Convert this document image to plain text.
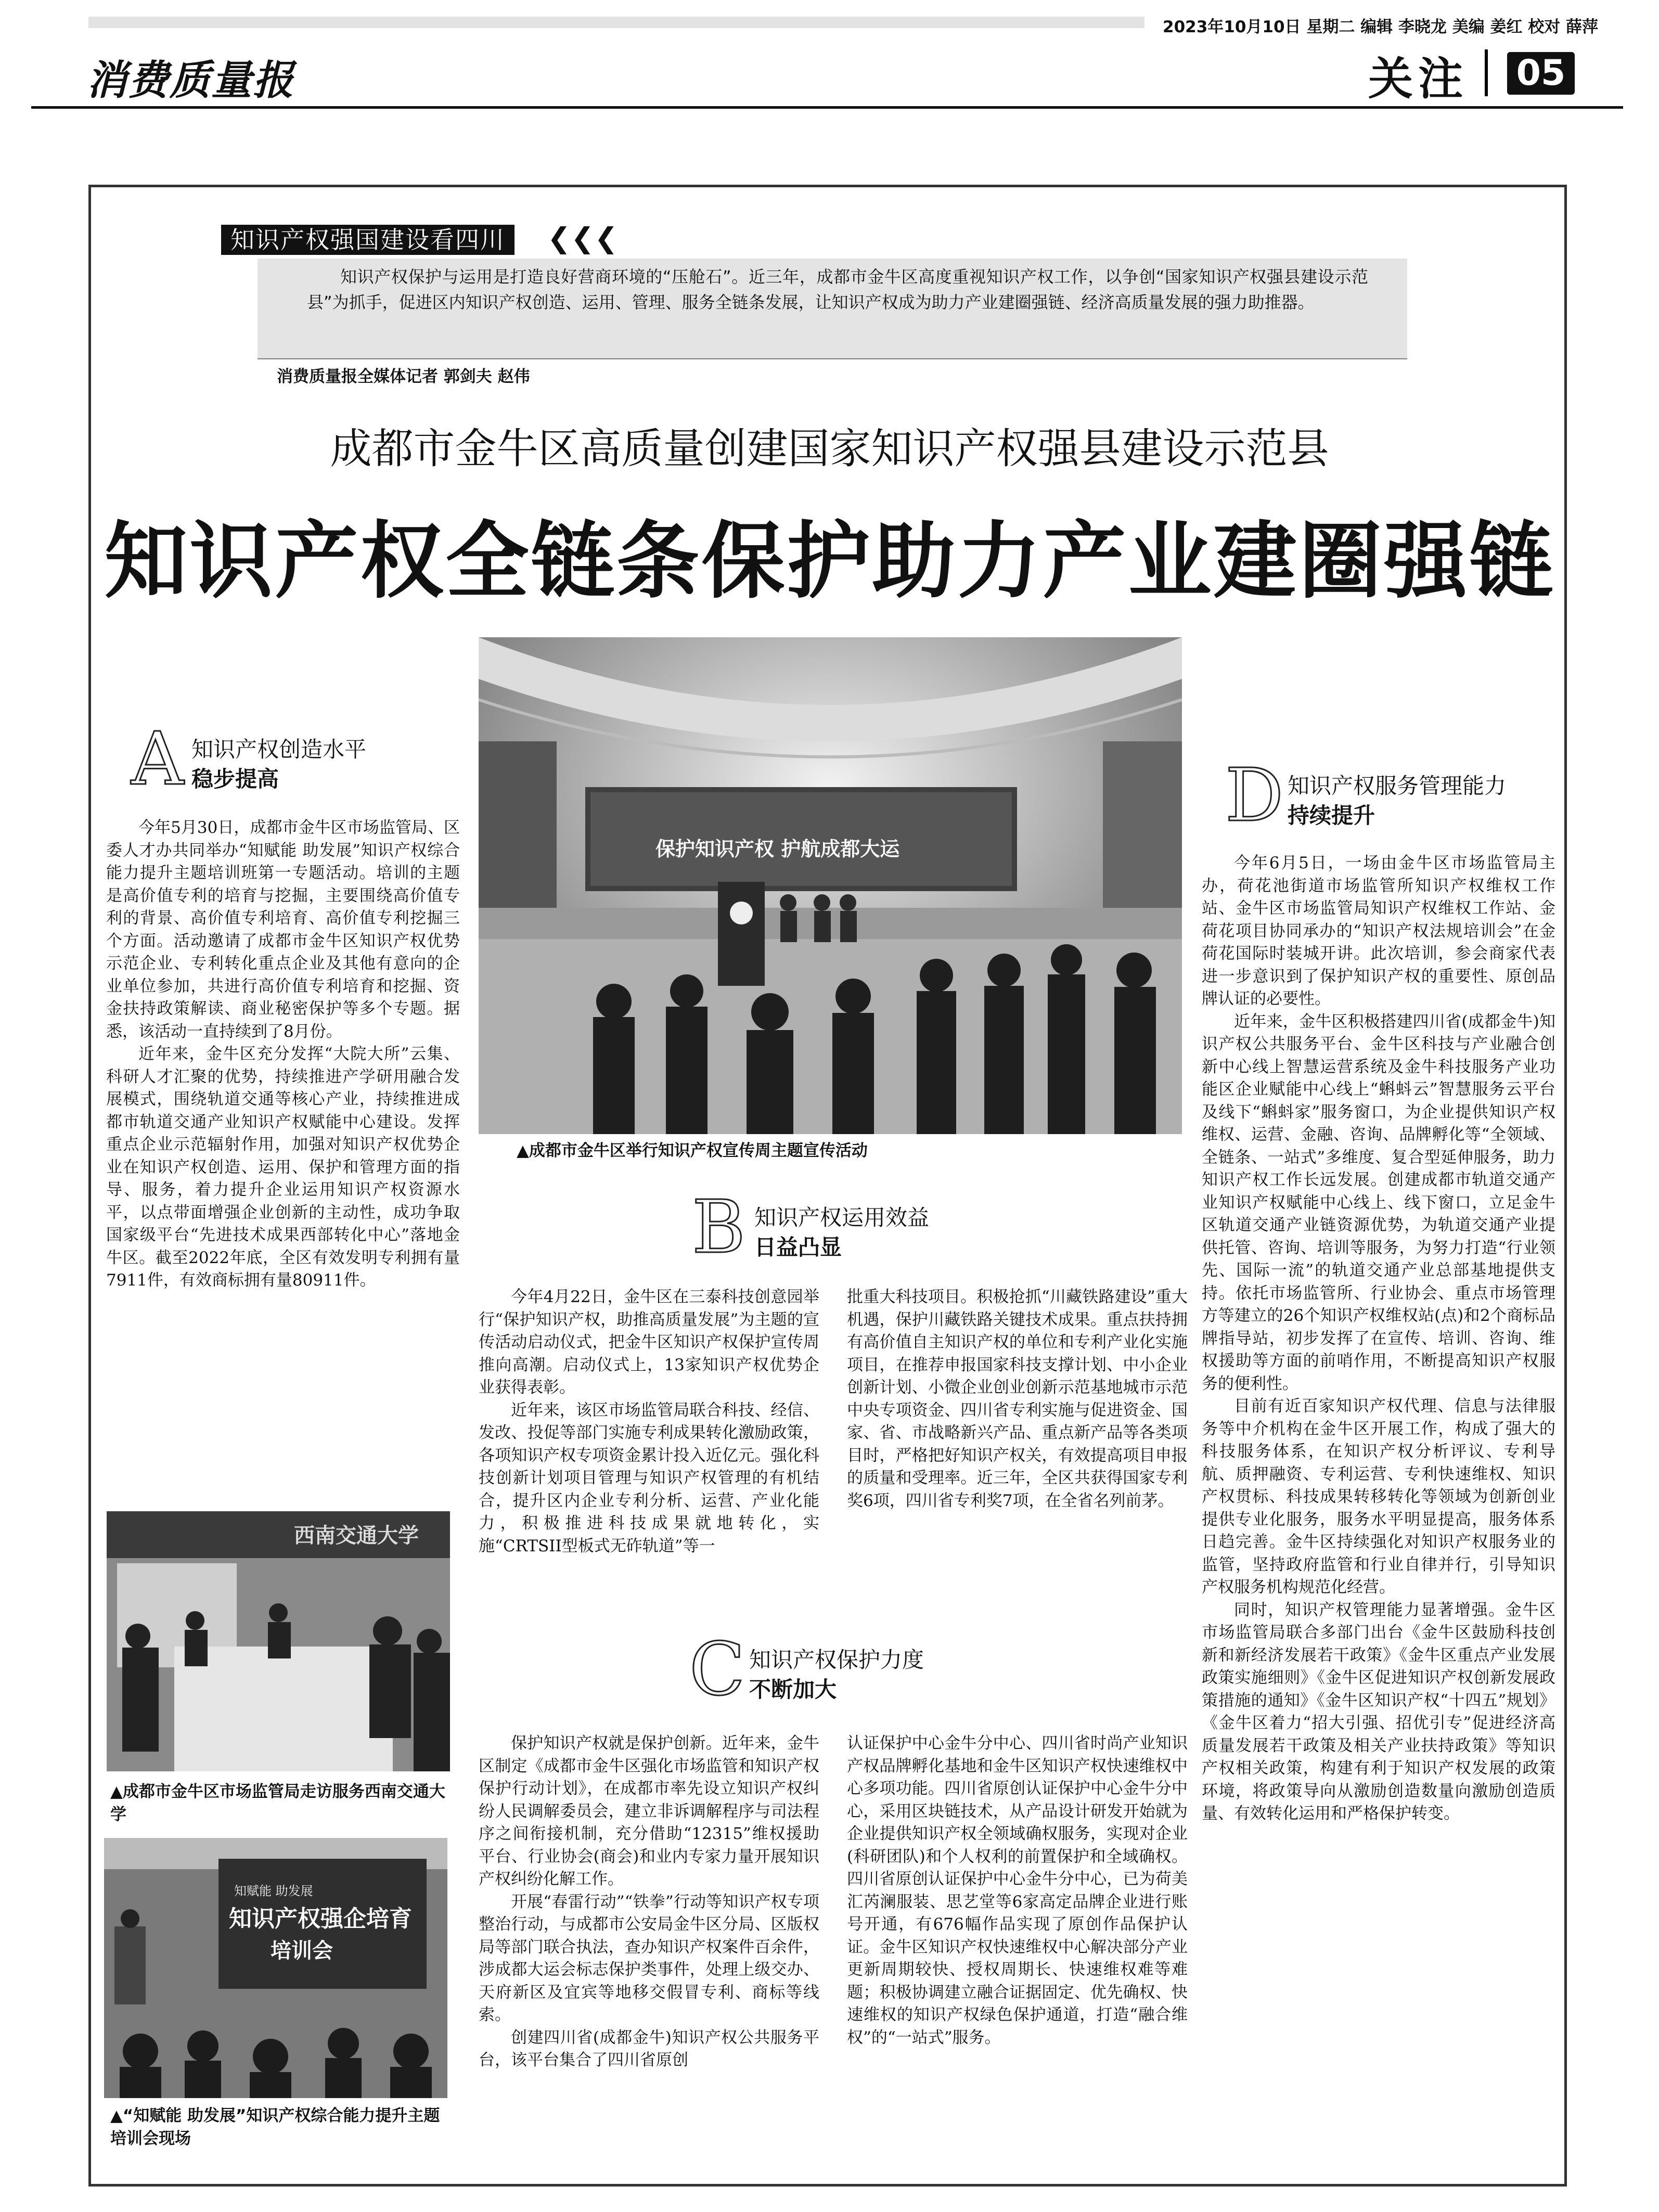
2023年10月10日 星期二 编辑 李晓龙 美编 姜红 校对 薛萍
消费质量报	关注 05
知识产权强国建设看四川	❮❮❮
知识产权保护与运用是打造良好营商环境的“压舱石”。近三年，成都市金牛区高度重视知识产权工作，以争创“国家知识产权强县建设示范县”为抓手，促进区内知识产权创造、运用、管理、服务全链条发展，让知识产权成为助力产业建圈强链、经济高质量发展的强力助推器。
消费质量报全媒体记者 郭剑夫 赵伟
成都市金牛区高质量创建国家知识产权强县建设示范县
知识产权全链条保护助力产业建圈强链
保护知识产权 护航成都大运
▲成都市金牛区举行知识产权宣传周主题宣传活动
A 知识产权创造水平
稳步提高

今年5月30日，成都市金牛区市场监管局、区委人才办共同举办“知赋能 助发展”知识产权综合能力提升主题培训班第一专题活动。培训的主题是高价值专利的培育与挖掘，主要围绕高价值专利的背景、高价值专利培育、高价值专利挖掘三个方面。活动邀请了成都市金牛区知识产权优势示范企业、专利转化重点企业及其他有意向的企业单位参加，共进行高价值专利培育和挖掘、资金扶持政策解读、商业秘密保护等多个专题。据悉，该活动一直持续到了8月份。

近年来，金牛区充分发挥“大院大所”云集、科研人才汇聚的优势，持续推进产学研用融合发展模式，围绕轨道交通等核心产业，持续推进成都市轨道交通产业知识产权赋能中心建设。发挥重点企业示范辐射作用，加强对知识产权优势企业在知识产权创造、运用、保护和管理方面的指导、服务，着力提升企业运用知识产权资源水平，以点带面增强企业创新的主动性，成功争取国家级平台“先进技术成果西部转化中心”落地金牛区。截至2022年底，全区有效发明专利拥有量7911件，有效商标拥有量80911件。

西南交通大学
▲成都市金牛区市场监管局走访服务西南交通大学
知赋能 助发展
知识产权强企培育
培训会
▲“知赋能 助发展”知识产权综合能力提升主题培训会现场
B 知识产权运用效益
日益凸显

今年4月22日，金牛区在三泰科技创意园举行“保护知识产权，助推高质量发展”为主题的宣传活动启动仪式，把金牛区知识产权保护宣传周推向高潮。启动仪式上，13家知识产权优势企业获得表彰。

近年来，该区市场监管局联合科技、经信、发改、投促等部门实施专利成果转化激励政策，各项知识产权专项资金累计投入近亿元。强化科技创新计划项目管理与知识产权管理的有机结合，提升区内企业专利分析、运营、产业化能力，积极推进科技成果就地转化，实施“CRTSII型板式无砟轨道”等一

批重大科技项目。积极抢抓“川藏铁路建设”重大机遇，保护川藏铁路关键技术成果。重点扶持拥有高价值自主知识产权的单位和专利产业化实施项目，在推荐申报国家科技支撑计划、中小企业创新计划、小微企业创业创新示范基地城市示范中央专项资金、四川省专利实施与促进资金、国家、省、市战略新兴产品、重点新产品等各类项目时，严格把好知识产权关，有效提高项目申报的质量和受理率。近三年，全区共获得国家专利奖6项，四川省专利奖7项，在全省名列前茅。

C 知识产权保护力度
不断加大

保护知识产权就是保护创新。近年来，金牛区制定《成都市金牛区强化市场监管和知识产权保护行动计划》，在成都市率先设立知识产权纠纷人民调解委员会，建立非诉调解程序与司法程序之间衔接机制，充分借助“12315”维权援助平台、行业协会(商会)和业内专家力量开展知识产权纠纷化解工作。

开展“春雷行动”“铁拳”行动等知识产权专项整治行动，与成都市公安局金牛区分局、区版权局等部门联合执法，查办知识产权案件百余件，涉成都大运会标志保护类事件，处理上级交办、天府新区及宜宾等地移交假冒专利、商标等线索。

创建四川省(成都金牛)知识产权公共服务平台，该平台集合了四川省原创

认证保护中心金牛分中心、四川省时尚产业知识产权品牌孵化基地和金牛区知识产权快速维权中心多项功能。四川省原创认证保护中心金牛分中心，采用区块链技术，从产品设计研发开始就为企业提供知识产权全领域确权服务，实现对企业(科研团队)和个人权利的前置保护和全域确权。四川省原创认证保护中心金牛分中心，已为荷美汇芮澜服装、思艺堂等6家高定品牌企业进行账号开通，有676幅作品实现了原创作品保护认证。金牛区知识产权快速维权中心解决部分产业更新周期较快、授权周期长、快速维权难等难题；积极协调建立融合证据固定、优先确权、快速维权的知识产权绿色保护通道，打造“融合维权”的“一站式”服务。

D 知识产权服务管理能力
持续提升

今年6月5日，一场由金牛区市场监管局主办，荷花池街道市场监管所知识产权维权工作站、金牛区市场监管局知识产权维权工作站、金荷花项目协同承办的“知识产权法规培训会”在金荷花国际时装城开讲。此次培训，参会商家代表进一步意识到了保护知识产权的重要性、原创品牌认证的必要性。

近年来，金牛区积极搭建四川省(成都金牛)知识产权公共服务平台、金牛区科技与产业融合创新中心线上智慧运营系统及金牛科技服务产业功能区企业赋能中心线上“蝌蚪云”智慧服务云平台及线下“蝌蚪家”服务窗口，为企业提供知识产权维权、运营、金融、咨询、品牌孵化等“全领域、全链条、一站式”多维度、复合型延伸服务，助力知识产权工作长远发展。创建成都市轨道交通产业知识产权赋能中心线上、线下窗口，立足金牛区轨道交通产业链资源优势，为轨道交通产业提供托管、咨询、培训等服务，为努力打造“行业领先、国际一流”的轨道交通产业总部基地提供支持。依托市场监管所、行业协会、重点市场管理方等建立的26个知识产权维权站(点)和2个商标品牌指导站，初步发挥了在宣传、培训、咨询、维权援助等方面的前哨作用，不断提高知识产权服务的便利性。

目前有近百家知识产权代理、信息与法律服务等中介机构在金牛区开展工作，构成了强大的科技服务体系，在知识产权分析评议、专利导航、质押融资、专利运营、专利快速维权、知识产权贯标、科技成果转移转化等领域为创新创业提供专业化服务，服务水平明显提高，服务体系日趋完善。金牛区持续强化对知识产权服务业的监管，坚持政府监管和行业自律并行，引导知识产权服务机构规范化经营。

同时，知识产权管理能力显著增强。金牛区市场监管局联合多部门出台《金牛区鼓励科技创新和新经济发展若干政策》《金牛区重点产业发展政策实施细则》《金牛区促进知识产权创新发展政策措施的通知》《金牛区知识产权“十四五”规划》《金牛区着力“招大引强、招优引专”促进经济高质量发展若干政策及相关产业扶持政策》等知识产权相关政策，构建有利于知识产权发展的政策环境，将政策导向从激励创造数量向激励创造质量、有效转化运用和严格保护转变。
